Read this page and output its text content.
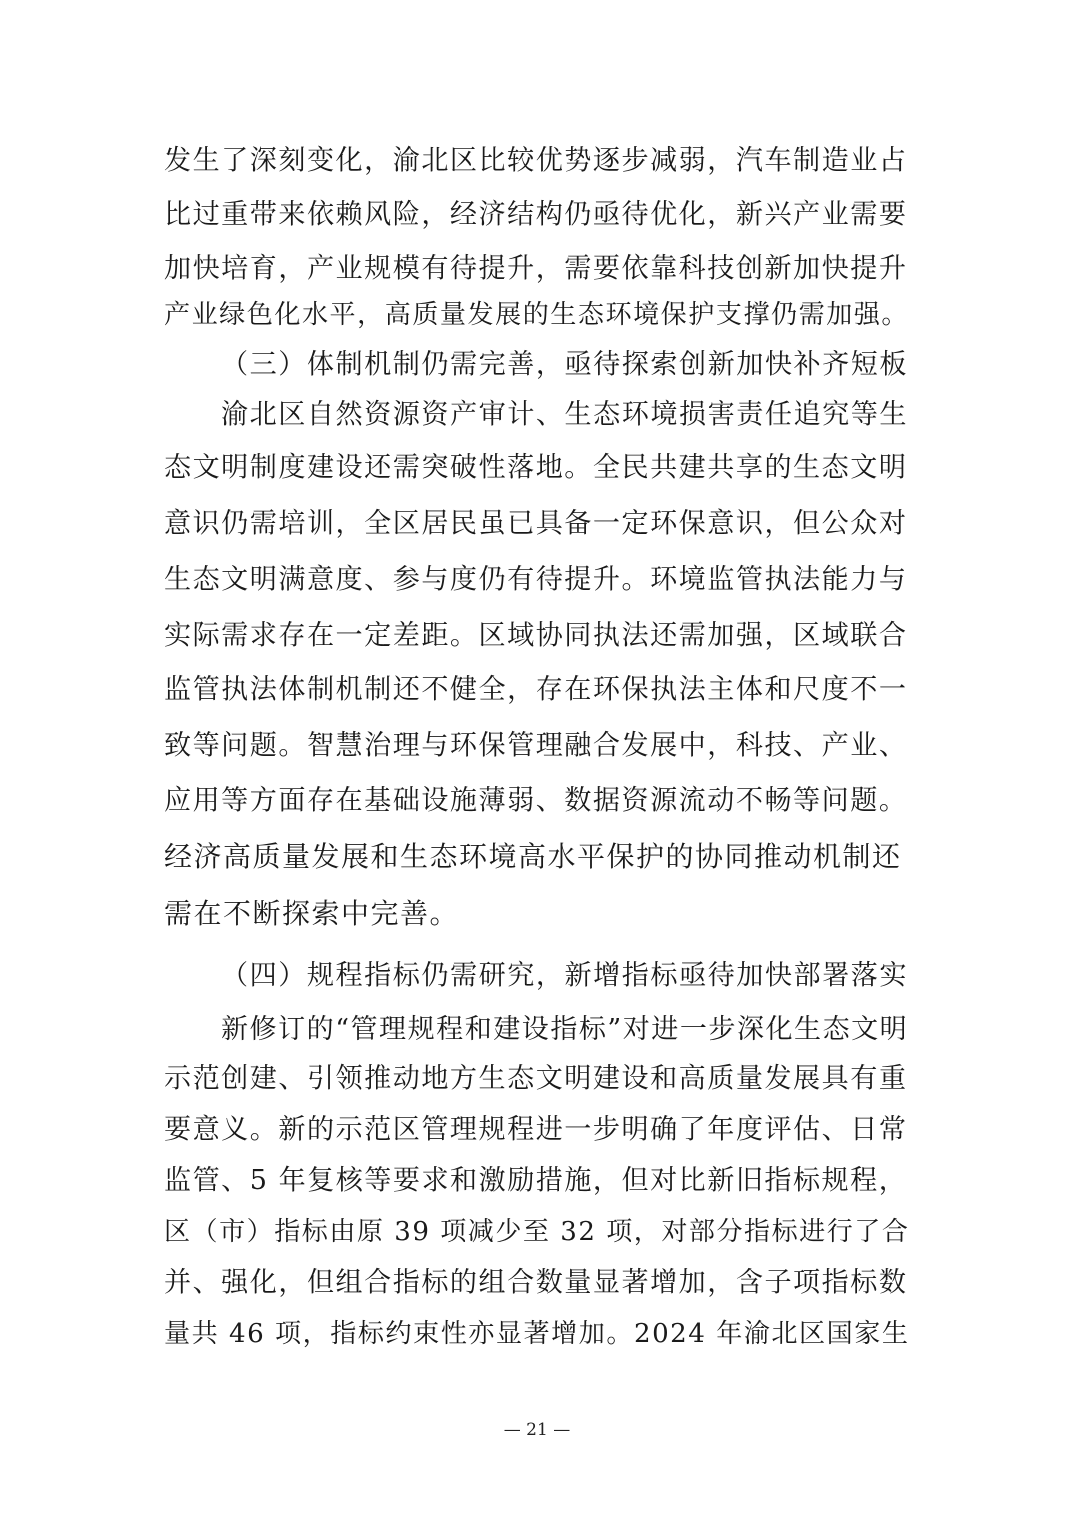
发生了深刻变化，渝北区比较优势逐步减弱，汽车制造业占
比过重带来依赖风险，经济结构仍亟待优化，新兴产业需要
加快培育，产业规模有待提升，需要依靠科技创新加快提升
产业绿色化水平，高质量发展的生态环境保护支撑仍需加强。
（三）体制机制仍需完善，亟待探索创新加快补齐短板
渝北区自然资源资产审计、生态环境损害责任追究等生
态文明制度建设还需突破性落地。全民共建共享的生态文明
意识仍需培训，全区居民虽已具备一定环保意识，但公众对
生态文明满意度、参与度仍有待提升。环境监管执法能力与
实际需求存在一定差距。区域协同执法还需加强，区域联合
监管执法体制机制还不健全，存在环保执法主体和尺度不一
致等问题。智慧治理与环保管理融合发展中，科技、产业、
应用等方面存在基础设施薄弱、数据资源流动不畅等问题。
经济高质量发展和生态环境高水平保护的协同推动机制还
需在不断探索中完善。
（四）规程指标仍需研究，新增指标亟待加快部署落实
新修订的“管理规程和建设指标”对进一步深化生态文明
示范创建、引领推动地方生态文明建设和高质量发展具有重
要意义。新的示范区管理规程进一步明确了年度评估、日常
监管、5 年复核等要求和激励措施，但对比新旧指标规程，
区（市）指标由原 39 项减少至 32 项，对部分指标进行了合
并、强化，但组合指标的组合数量显著增加，含子项指标数
量共 46 项，指标约束性亦显著增加。2024 年渝北区国家生
— 21 —
